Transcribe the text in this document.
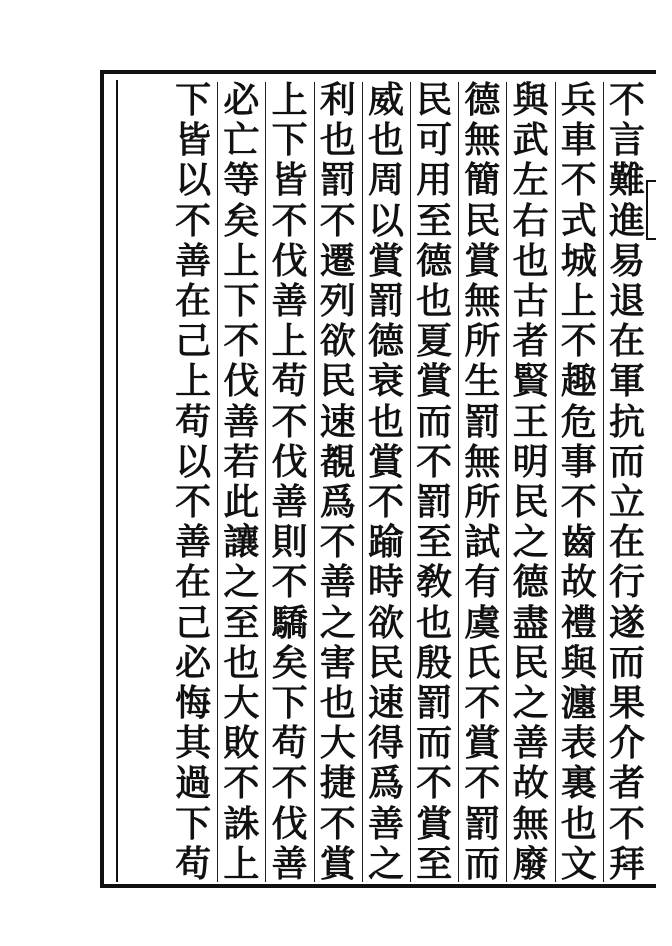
不
言
難
進
易
退
在
軍
抗
而
立
在
行
遂
而
果
介
者
不
拜
兵
車
不
式
城
上
不
趣
危
事
不
齒
故
禮
與
瀍
表
裏
也
文
與
武
左
右
也
古
者
賢
王
明
民
之
德
盡
民
之
善
故
無
廢
德
無
簡
民
賞
無
所
生
罰
無
所
試
有
虞
氏
不
賞
不
罰
而
民
可
用
至
德
也
夏
賞
而
不
罰
至
敎
也
殷
罰
而
不
賞
至
威
也
周
以
賞
罰
德
衰
也
賞
不
踰
時
欲
民
速
得
爲
善
之
利
也
罰
不
遷
列
欲
民
速
覩
爲
不
善
之
害
也
大
捷
不
賞
上
下
皆
不
伐
善
上
苟
不
伐
善
則
不
驕
矣
下
苟
不
伐
善
必
亡
等
矣
上
下
不
伐
善
若
此
讓
之
至
也
大
敗
不
誅
上
下
皆
以
不
善
在
己
上
苟
以
不
善
在
己
必
悔
其
過
下
苟
